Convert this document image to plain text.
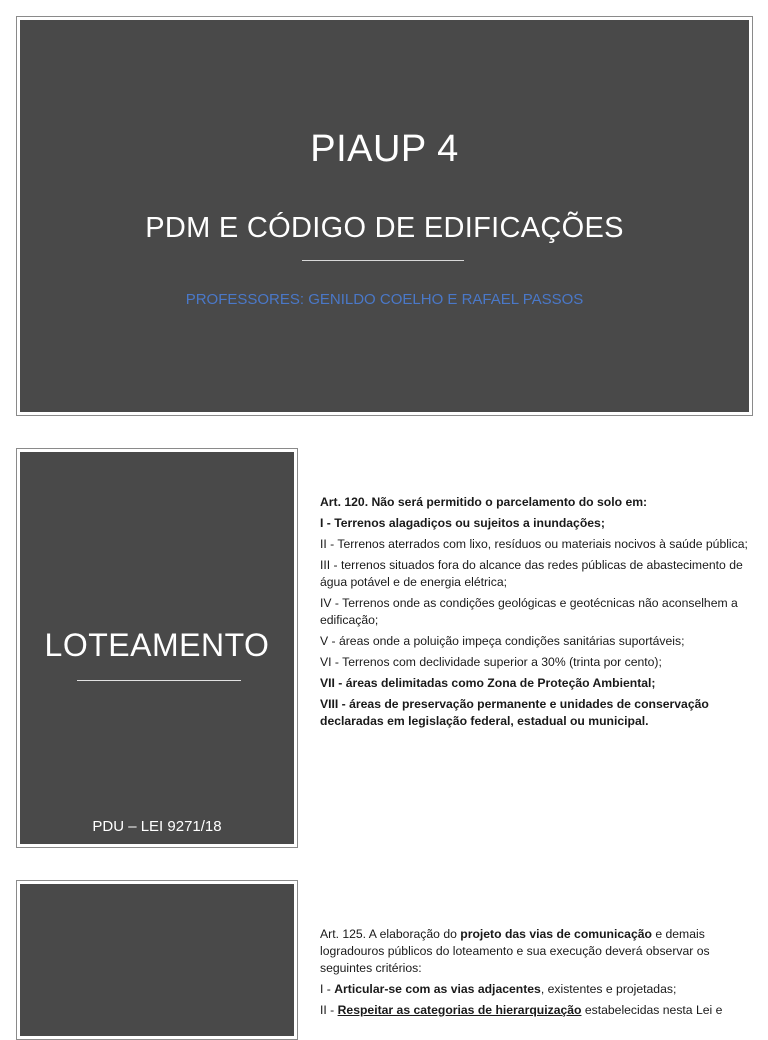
PIAUP 4
PDM E CÓDIGO DE EDIFICAÇÕES
PROFESSORES: GENILDO COELHO E RAFAEL PASSOS
LOTEAMENTO
PDU – LEI 9271/18

Art. 120. Não será permitido o parcelamento do solo em:

I - Terrenos alagadiços ou sujeitos a inundações;

II - Terrenos aterrados com lixo, resíduos ou materiais nocivos à saúde pública;

III - terrenos situados fora do alcance das redes públicas de abastecimento de água potável e de energia elétrica;

IV - Terrenos onde as condições geológicas e geotécnicas não aconselhem a edificação;

V - áreas onde a poluição impeça condições sanitárias suportáveis;

VI - Terrenos com declividade superior a 30% (trinta por cento);

VII - áreas delimitadas como Zona de Proteção Ambiental;

VIII - áreas de preservação permanente e unidades de conservação declaradas em legislação federal, estadual ou municipal.

Art. 125. A elaboração do projeto das vias de comunicação e demais logradouros públicos do loteamento e sua execução deverá observar os seguintes critérios:

I - Articular-se com as vias adjacentes, existentes e projetadas;

II - Respeitar as categorias de hierarquização estabelecidas nesta Lei e
